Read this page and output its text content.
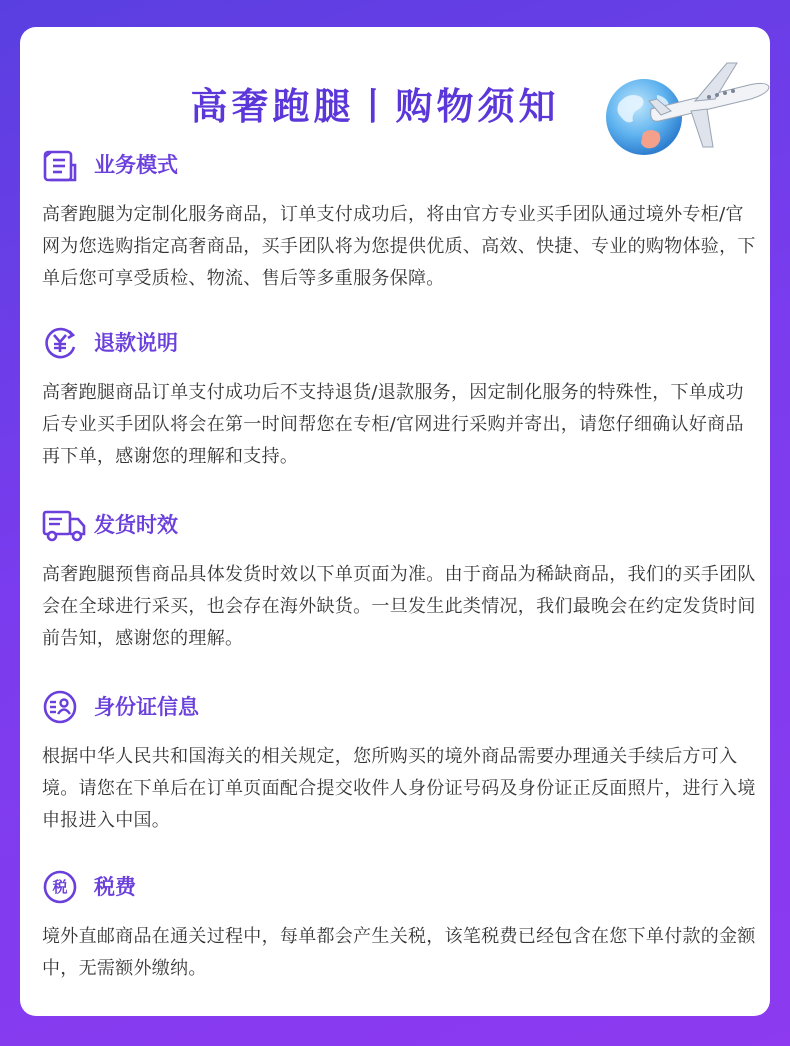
高奢跑腿丨购物须知
业务模式
高奢跑腿为定制化服务商品，订单支付成功后，将由官方专业买手团队通过境外专柜/官网为您选购指定高奢商品，买手团队将为您提供优质、高效、快捷、专业的购物体验，下单后您可享受质检、物流、售后等多重服务保障。
退款说明
高奢跑腿商品订单支付成功后不支持退货/退款服务，因定制化服务的特殊性，下单成功后专业买手团队将会在第一时间帮您在专柜/官网进行采购并寄出，请您仔细确认好商品再下单，感谢您的理解和支持。
发货时效
高奢跑腿预售商品具体发货时效以下单页面为准。由于商品为稀缺商品，我们的买手团队会在全球进行采买，也会存在海外缺货。一旦发生此类情况，我们最晚会在约定发货时间前告知，感谢您的理解。
身份证信息
根据中华人民共和国海关的相关规定，您所购买的境外商品需要办理通关手续后方可入境。请您在下单后在订单页面配合提交收件人身份证号码及身份证正反面照片，进行入境申报进入中国。
税	税费
境外直邮商品在通关过程中，每单都会产生关税，该笔税费已经包含在您下单付款的金额中，无需额外缴纳。
